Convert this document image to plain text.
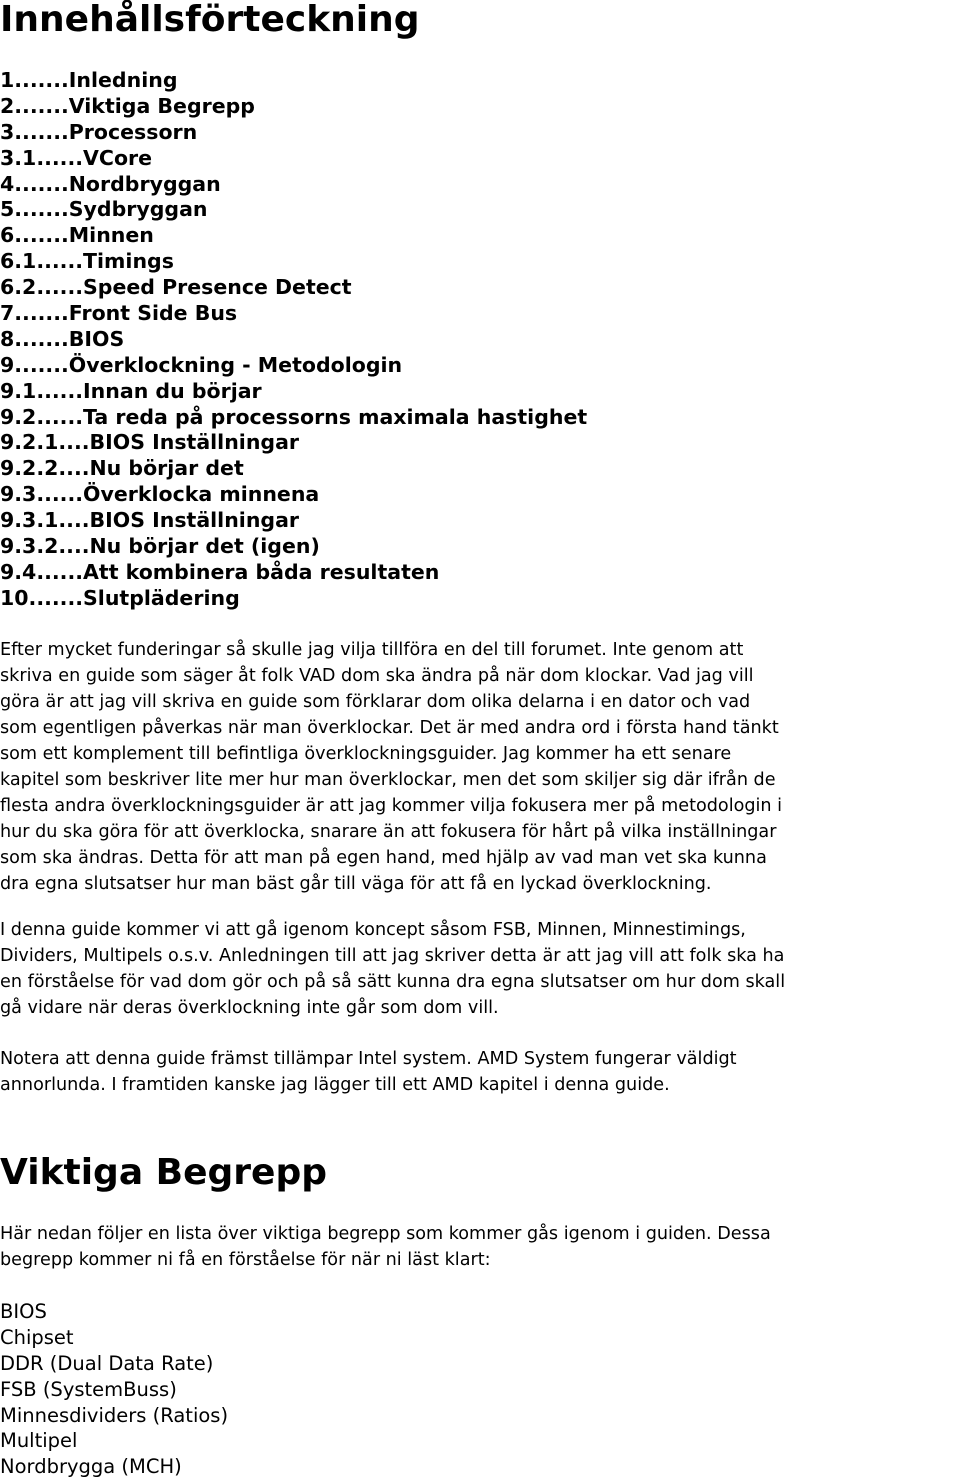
Innehållsförteckning
1.......Inledning
2.......Viktiga Begrepp
3.......Processorn
3.1......VCore
4.......Nordbryggan
5.......Sydbryggan
6.......Minnen
6.1......Timings
6.2......Speed Presence Detect
7.......Front Side Bus
8.......BIOS
9.......Överklockning - Metodologin
9.1......Innan du börjar
9.2......Ta reda på processorns maximala hastighet
9.2.1....BIOS Inställningar
9.2.2....Nu börjar det
9.3......Överklocka minnena
9.3.1....BIOS Inställningar
9.3.2....Nu börjar det (igen)
9.4......Att kombinera båda resultaten
10.......Slutplädering

Efter mycket funderingar så skulle jag vilja tillföra en del till forumet. Inte genom att
skriva en guide som säger åt folk VAD dom ska ändra på när dom klockar. Vad jag vill
göra är att jag vill skriva en guide som förklarar dom olika delarna i en dator och vad
som egentligen påverkas när man överklockar. Det är med andra ord i första hand tänkt
som ett komplement till befintliga överklockningsguider. Jag kommer ha ett senare
kapitel som beskriver lite mer hur man överklockar, men det som skiljer sig där ifrån de
flesta andra överklockningsguider är att jag kommer vilja fokusera mer på metodologin i
hur du ska göra för att överklocka, snarare än att fokusera för hårt på vilka inställningar
som ska ändras. Detta för att man på egen hand, med hjälp av vad man vet ska kunna
dra egna slutsatser hur man bäst går till väga för att få en lyckad överklockning.

I denna guide kommer vi att gå igenom koncept såsom FSB, Minnen, Minnestimings,
Dividers, Multipels o.s.v. Anledningen till att jag skriver detta är att jag vill att folk ska ha
en förståelse för vad dom gör och på så sätt kunna dra egna slutsatser om hur dom skall
gå vidare när deras överklockning inte går som dom vill.

Notera att denna guide främst tillämpar Intel system. AMD System fungerar väldigt
annorlunda. I framtiden kanske jag lägger till ett AMD kapitel i denna guide.

Viktiga Begrepp

Här nedan följer en lista över viktiga begrepp som kommer gås igenom i guiden. Dessa
begrepp kommer ni få en förståelse för när ni läst klart:

BIOS
Chipset
DDR (Dual Data Rate)
FSB (SystemBuss)
Minnesdividers (Ratios)
Multipel
Nordbrygga (MCH)
